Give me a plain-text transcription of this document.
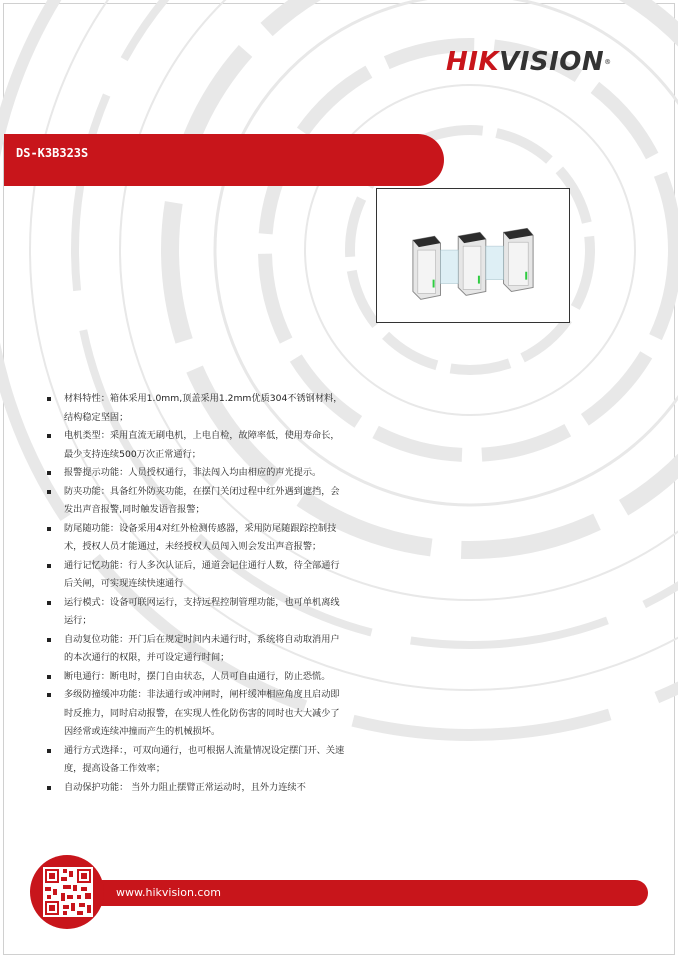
HIKVISION®
DS-K3B323S
材料特性：箱体采用1.0mm,顶盖采用1.2mm优质304不锈钢材料，结构稳定坚固；
电机类型：采用直流无刷电机，上电自检，故障率低，使用寿命长，最少支持连续500万次正常通行；
报警提示功能：人员授权通行，非法闯入均由相应的声光提示。
防夹功能：具备红外防夹功能，在摆门关闭过程中红外遇到遮挡，会发出声音报警,同时触发语音报警；
防尾随功能：设备采用4对红外检测传感器，采用防尾随跟踪控制技术，授权人员才能通过，未经授权人员闯入则会发出声音报警；
通行记忆功能：行人多次认证后，通道会记住通行人数，待全部通行后关闸，可实现连续快速通行
运行模式：设备可联网运行，支持远程控制管理功能，也可单机离线运行；
自动复位功能：开门后在规定时间内未通行时，系统将自动取消用户的本次通行的权限，并可设定通行时间；
断电通行：断电时，摆门自由状态，人员可自由通行，防止恐慌。
多级防撞缓冲功能：非法通行或冲闸时，闸杆缓冲相应角度且启动即时反推力，同时启动报警，在实现人性化防伤害的同时也大大减少了因经常或连续冲撞而产生的机械损坏。
通行方式选择：，可双向通行，也可根据人流量情况设定摆门开、关速度，提高设备工作效率；
自动保护功能： 当外力阻止摆臂正常运动时，且外力连续不
www.hikvision.com
